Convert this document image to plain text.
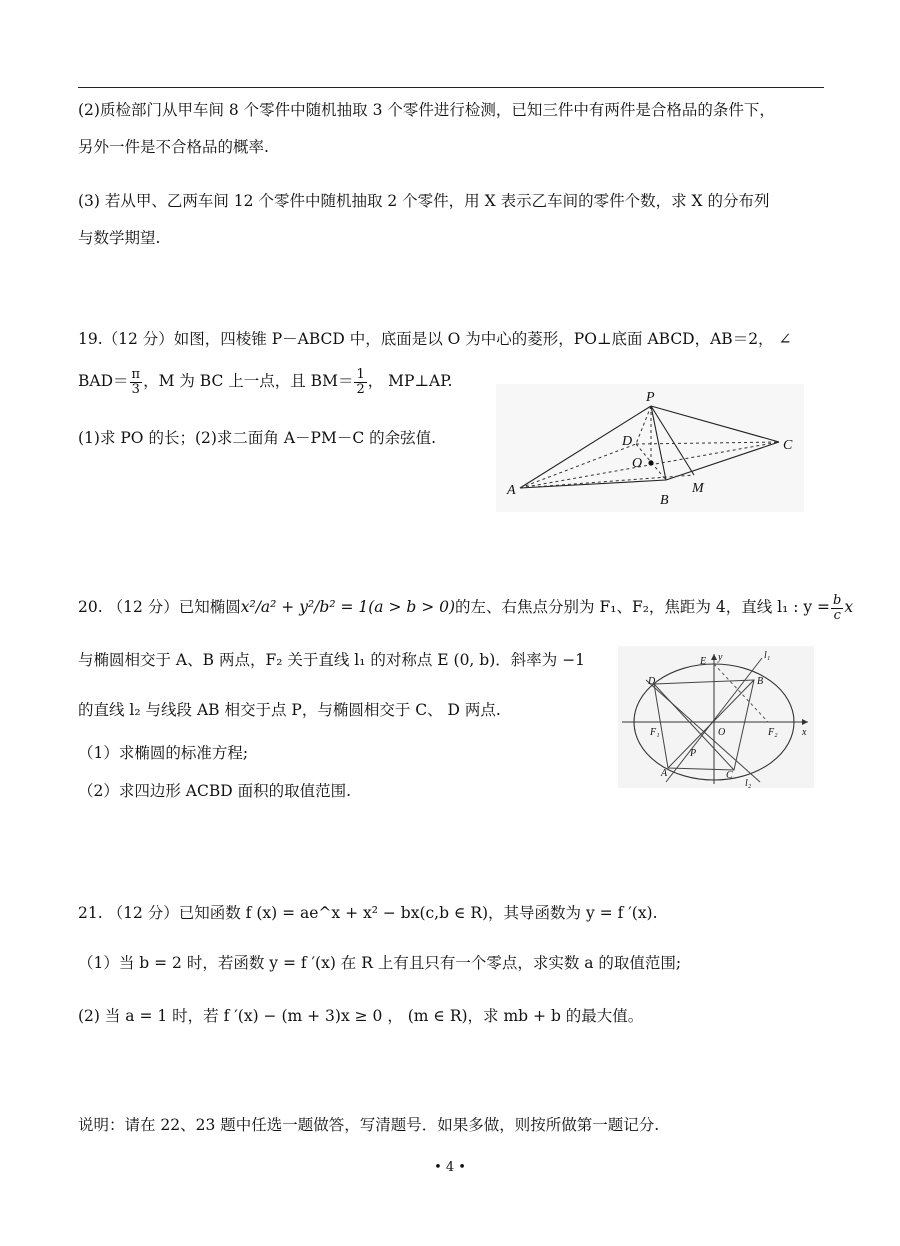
(2)质检部门从甲车间 8 个零件中随机抽取 3 个零件进行检测，已知三件中有两件是合格品的条件下，
另外一件是不合格品的概率.
(3) 若从甲、乙两车间 12 个零件中随机抽取 2 个零件，用 X 表示乙车间的零件个数，求 X 的分布列
与数学期望.
19.（12 分）如图，四棱锥 P－ABCD 中，底面是以 O 为中心的菱形，PO⊥底面 ABCD，AB＝2， ∠
$BAD= \frac{\pi}{3}$ ，M 为 BC 上一点，且 $BM= \frac{1}{2}$ ， MP⊥AP.
(1)求 PO 的长；(2)求二面角 A－PM－C 的余弦值.
P
D
O
C
A
B
M
20. （12 分）已知椭圆x²/a² + y²/b² = 1(a > b > 0)的左、右焦点分别为 F₁、F₂，焦距为 4，直线 l₁ : $y = \frac{b}{c}$ x
与椭圆相交于 A、B 两点，F₂ 关于直线 l₁ 的对称点 E (0, b)．斜率为 −1
的直线 l₂ 与线段 AB 相交于点 P，与椭圆相交于 C、 D 两点.
（1）求椭圆的标准方程;
（2）求四边形 ACBD 面积的取值范围.
E y	l₁
D	B
F₁	O	F₂ x
P
A	C
l₂
21. （12 分）已知函数 f (x) = ae^x + x² − bx(c,b ∈ R)，其导函数为 y = f ′(x).
（1）当 b = 2 时，若函数 y = f ′(x) 在 R 上有且只有一个零点，求实数 a 的取值范围;
(2) 当 a = 1 时，若 f ′(x) − (m + 3)x ≥ 0 ， (m ∈ R)，求 mb + b 的最大值。
说明：请在 22、23 题中任选一题做答，写清题号．如果多做，则按所做第一题记分.
• 4 •
